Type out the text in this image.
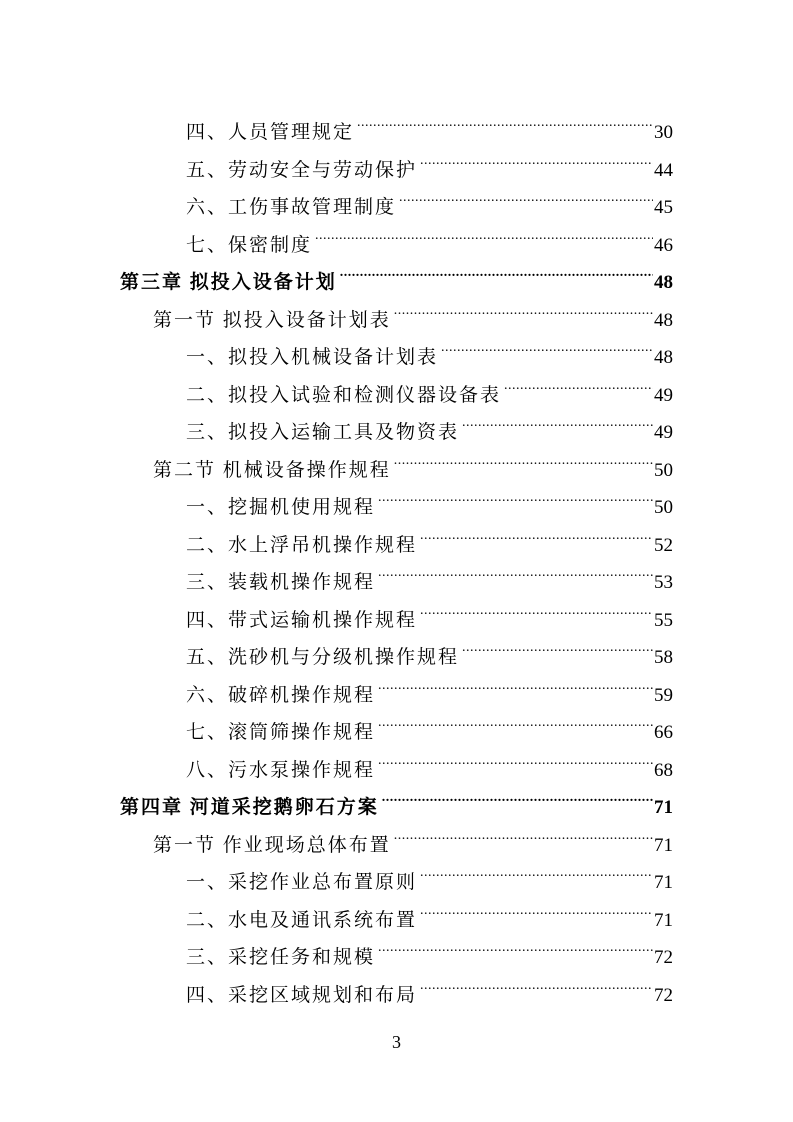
四、人员管理规定 .....	30
五、劳动安全与劳动保护 .....	44
六、工伤事故管理制度 .....	45
七、保密制度 .....	46
第三章 拟投入设备计划 .....	48
第一节 拟投入设备计划表 .....	48
一、拟投入机械设备计划表 .....	48
二、拟投入试验和检测仪器设备表 .....	49
三、拟投入运输工具及物资表 .....	49
第二节 机械设备操作规程 .....	50
一、挖掘机使用规程 .....	50
二、水上浮吊机操作规程 .....	52
三、装载机操作规程 .....	53
四、带式运输机操作规程 .....	55
五、洗砂机与分级机操作规程 .....	58
六、破碎机操作规程 .....	59
七、滚筒筛操作规程 .....	66
八、污水泵操作规程 .....	68
第四章 河道采挖鹅卵石方案 .....	71
第一节 作业现场总体布置 .....	71
一、采挖作业总布置原则 .....	71
二、水电及通讯系统布置 .....	71
三、采挖任务和规模 .....	72
四、采挖区域规划和布局 .....	72
3
